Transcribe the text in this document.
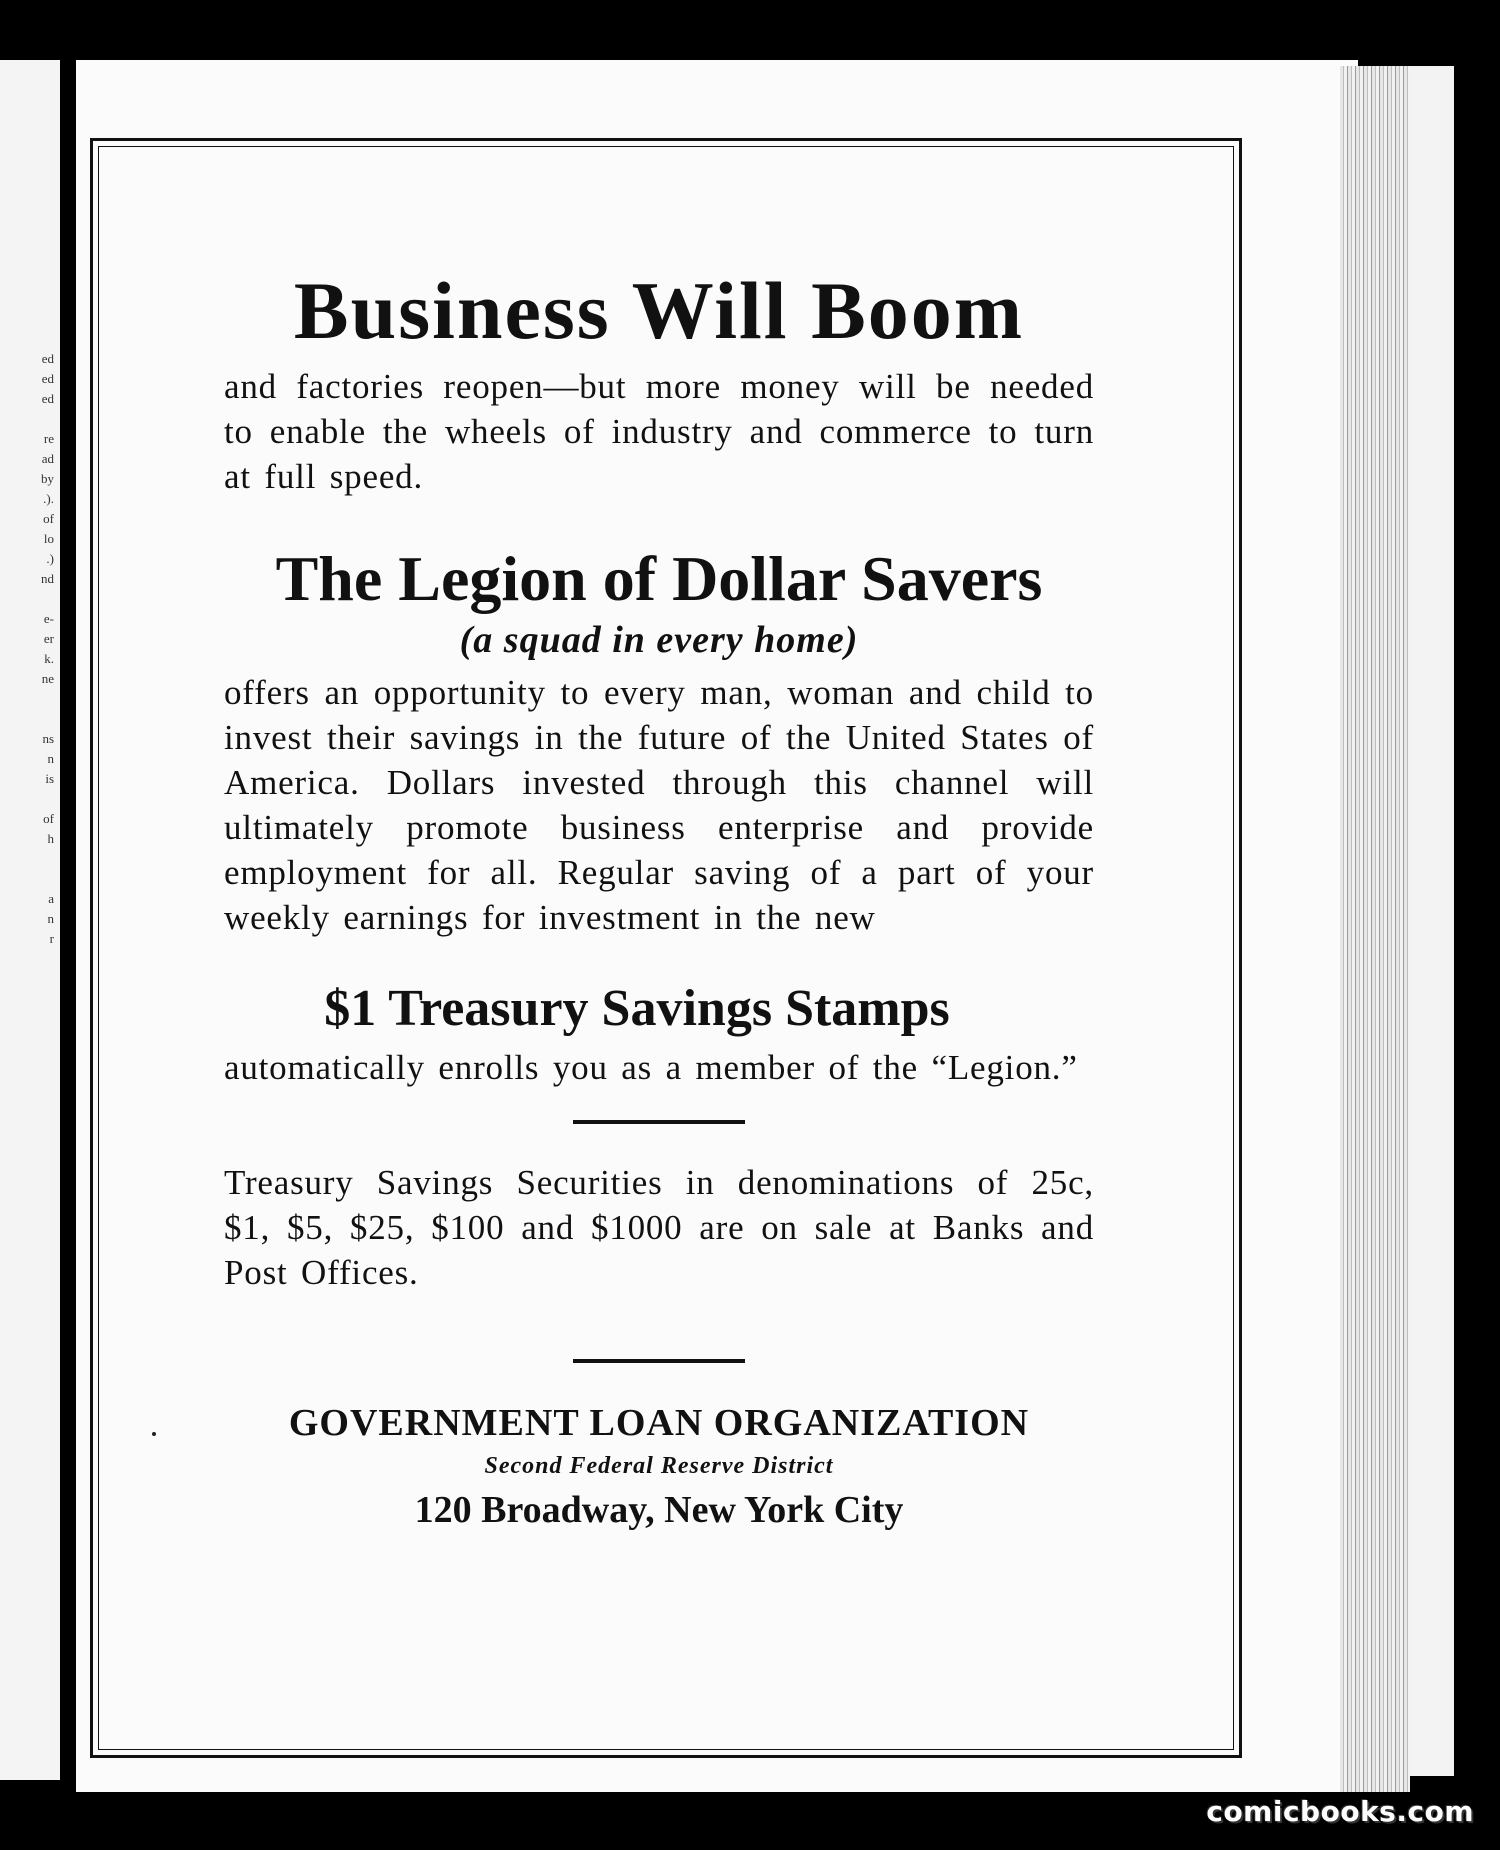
ed
ed
ed
re
ad
by
.).
of
lo
.)
nd
e-
er
k.
ne
ns
n
is
of
h
a
n
r
Business Will Boom

and factories reopen—but more money will be needed to enable the wheels of industry and commerce to turn at full speed.

The Legion of Dollar Savers

(a squad in every home)

offers an opportunity to every man, woman and child to invest their savings in the future of the United States of America. Dollars invested through this channel will ultimately promote business enterprise and provide employment for all. Regular saving of a part of your weekly earnings for investment in the new

$1 Treasury Savings Stamps

automatically enrolls you as a member of the “Legion.”

Treasury Savings Securities in denominations of 25c, $1, $5, $25, $100 and $1000 are on sale at Banks and Post Offices.

GOVERNMENT LOAN ORGANIZATION

Second Federal Reserve District

120 Broadway, New York City

comicbooks.com
